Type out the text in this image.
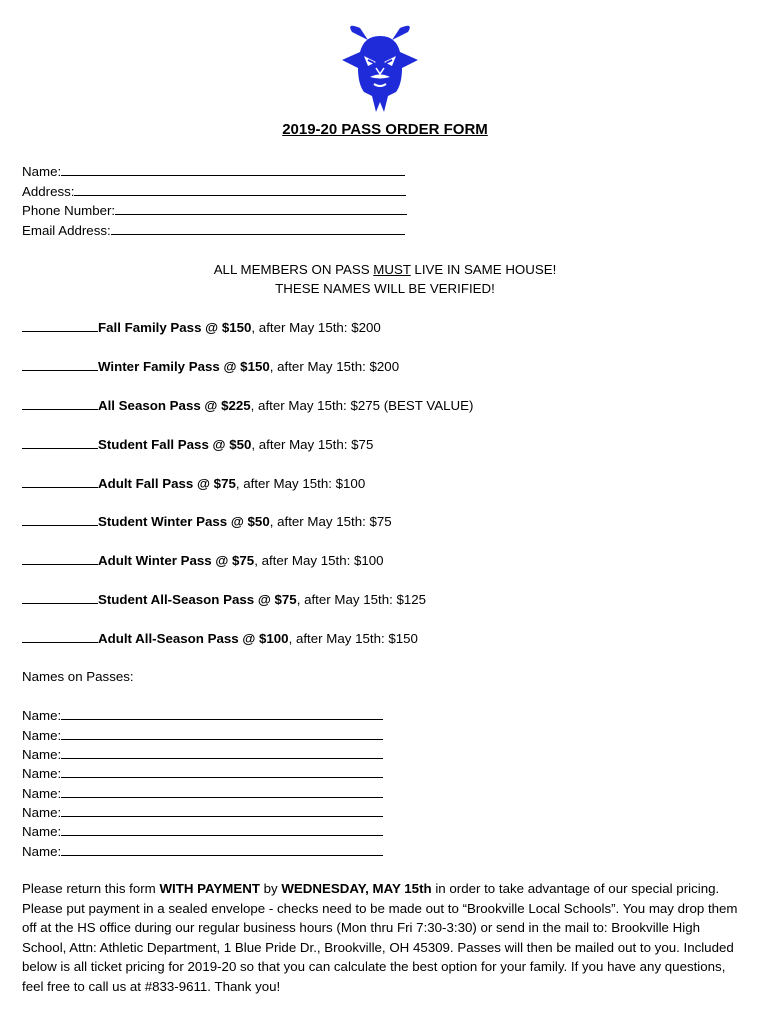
2019-20 PASS ORDER FORM
Name:
Address:
Phone Number:
Email Address:
ALL MEMBERS ON PASS MUST LIVE IN SAME HOUSE!
THESE NAMES WILL BE VERIFIED!
Fall Family Pass @ $150, after May 15th: $200
Winter Family Pass @ $150, after May 15th: $200
All Season Pass @ $225, after May 15th: $275 (BEST VALUE)
Student Fall Pass @ $50, after May 15th: $75
Adult Fall Pass @ $75, after May 15th: $100
Student Winter Pass @ $50, after May 15th: $75
Adult Winter Pass @ $75, after May 15th: $100
Student All-Season Pass @ $75, after May 15th: $125
Adult All-Season Pass @ $100, after May 15th: $150
Names on Passes:
Name:
Name:
Name:
Name:
Name:
Name:
Name:
Name:
Please return this form WITH PAYMENT by WEDNESDAY, MAY 15th in order to take advantage of our special pricing. Please put payment in a sealed envelope - checks need to be made out to “Brookville Local Schools”. You may drop them off at the HS office during our regular business hours (Mon thru Fri 7:30-3:30) or send in the mail to: Brookville High School, Attn: Athletic Department, 1 Blue Pride Dr., Brookville, OH 45309. Passes will then be mailed out to you. Included below is all ticket pricing for 2019-20 so that you can calculate the best option for your family. If you have any questions, feel free to call us at #833-9611. Thank you!
